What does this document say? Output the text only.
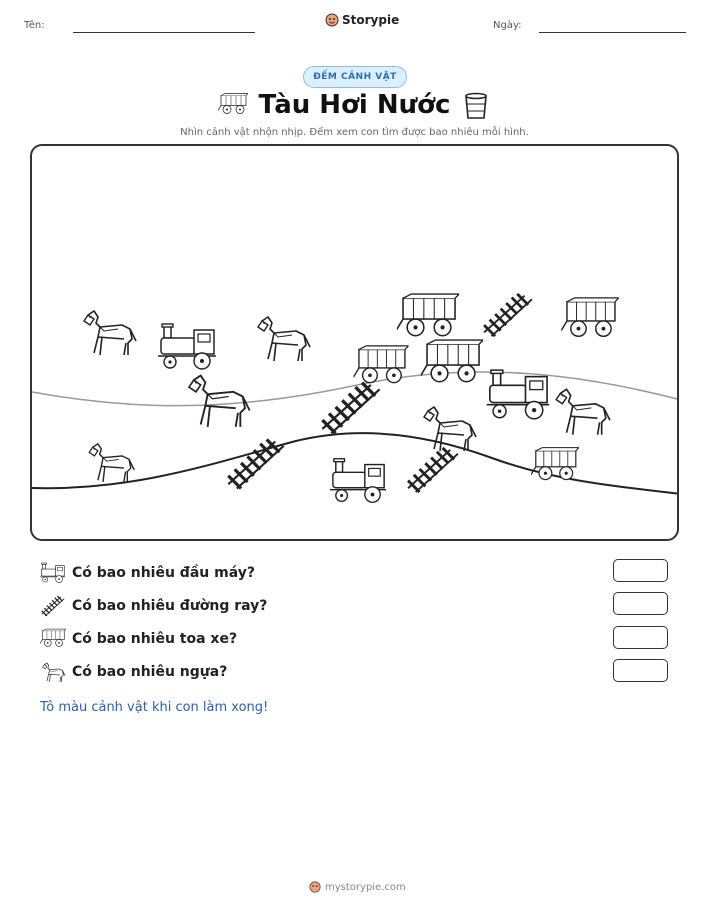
Tên:	Storypie	Ngày:
ĐẾM CẢNH VẬT
Tàu Hơi Nước
Nhìn cảnh vật nhộn nhịp. Đếm xem con tìm được bao nhiêu mỗi hình.
Có bao nhiêu đầu máy?
Có bao nhiêu đường ray?
Có bao nhiêu toa xe?
Có bao nhiêu ngựa?
Tô màu cảnh vật khi con làm xong!
mystorypie.com
